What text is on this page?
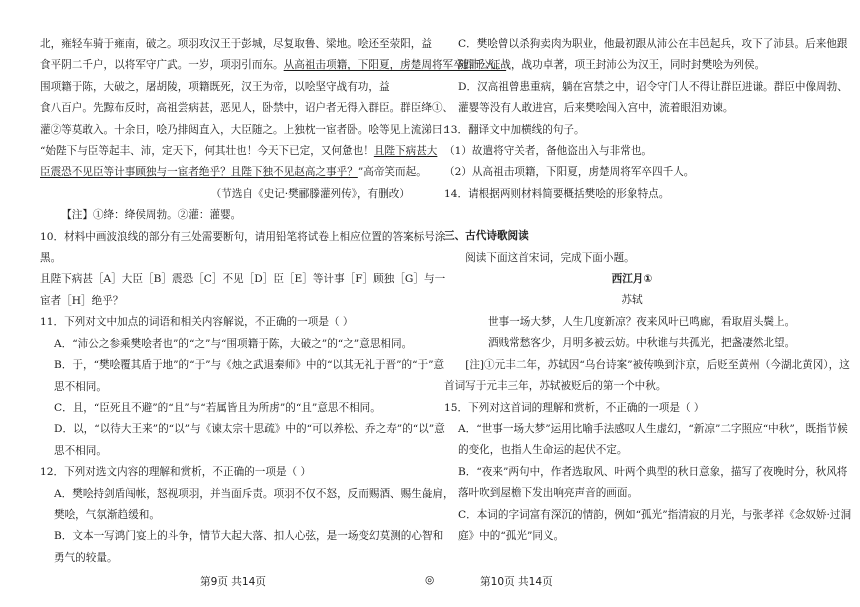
北，雍轻车骑于雍南，破之。项羽攻汉王于彭城，尽复取鲁、梁地。哙还至荥阳，益

食平阴二千户，以将军守广武。一岁，项羽引而东。从高祖击项籍，下阳夏，虏楚周将军卒四千人。

围项籍于陈，大破之，屠胡陵，项籍既死，汉王为帝，以哙坚守战有功，益

食八百户。先黥布反时，高祖尝病甚，恶见人，卧禁中，诏户者无得入群臣。群臣绛①、

灌②等莫敢入。十余日，哙乃排闼直入，大臣随之。上独枕一宦者卧。哙等见上流涕曰：

“始陛下与臣等起丰、沛，定天下，何其壮也！今天下已定，又何惫也！且陛下病甚大

臣震恐不见臣等计事顾独与一宦者绝乎？且陛下独不见赵高之事乎？”高帝笑而起。

（节选自《史记·樊郦滕灌列传》，有删改）

【注】①绛：绛侯周勃。②灌：灌婴。

10．材料中画波浪线的部分有三处需要断句，请用铅笔将试卷上相应位置的答案标号涂

黑。

且陛下病甚［A］大臣［B］震恐［C］不见［D］臣［E］等计事［F］顾独［G］与一

宦者［H］绝乎？

11．下列对文中加点的词语和相关内容解说，不正确的一项是（ ）

A．“沛公之参乘樊哙者也”的“之”与“围项籍于陈，大破之”的“之”意思相同。

B．于，“樊哙覆其盾于地”的“于”与《烛之武退秦师》中的“以其无礼于晋”的“于”意

思不相同。

C．且，“臣死且不避”的“且”与“若属皆且为所虏”的“且”意思不相同。

D．以，“以待大王来”的“以”与《谏太宗十思疏》中的“可以养松、乔之寿”的“以”意

思不相同。

12．下列对选文内容的理解和赏析，不正确的一项是（ ）

A．樊哙持剑盾闯帐，怒视项羽，并当面斥责。项羽不仅不怒，反而赐酒、赐生彘肩，

樊哙，气氛渐趋缓和。

B．文本一写鸿门宴上的斗争，情节大起大落、扣人心弦，是一场变幻莫测的心智和

勇气的较量。

C．樊哙曾以杀狗卖肉为职业，他最初跟从沛公在丰邑起兵，攻下了沛县。后来他跟

随沛公征战，战功卓著，项王封沛公为汉王，同时封樊哙为列侯。

D．汉高祖曾患重病，躺在宫禁之中，诏令守门人不得让群臣进谦。群臣中像周勃、

灌婴等没有人敢进宫，后来樊哙闯入宫中，流着眼泪劝谏。

13．翻译文中加横线的句子。

（1）故遣将守关者，备他盗出入与非常也。

（2）从高祖击项籍，下阳夏，虏楚周将军卒四千人。

14．请根据两则材料简要概括樊哙的形象特点。

三、古代诗歌阅读

阅读下面这首宋词，完成下面小题。

西江月①

苏轼

世事一场大梦，人生几度新凉？夜来风叶已鸣廊，看取眉头鬓上。

酒贱常愁客少，月明多被云妨。中秋谁与共孤光，把盏凄然北望。

[注]①元丰二年，苏轼因“乌台诗案”被传唤到汴京，后贬至黄州（今湖北黄冈），这

首词写于元丰三年，苏轼被贬后的第一个中秋。

15．下列对这首词的理解和赏析，不正确的一项是（ ）

A．“世事一场大梦”运用比喻手法感叹人生虚幻，“新凉”二字照应“中秋”，既指节候

的变化，也指人生命运的起伏不定。

B．“夜来”两句中，作者选取风、叶两个典型的秋日意象，描写了夜晚时分，秋风将

落叶吹到屋檐下发出响亮声音的画面。

C．本词的字词富有深沉的情韵，例如“孤光”指清寂的月光，与张孝祥《念奴娇·过洞

庭》中的“孤光”同义。

第9页 共14页	◎	第10页 共14页
